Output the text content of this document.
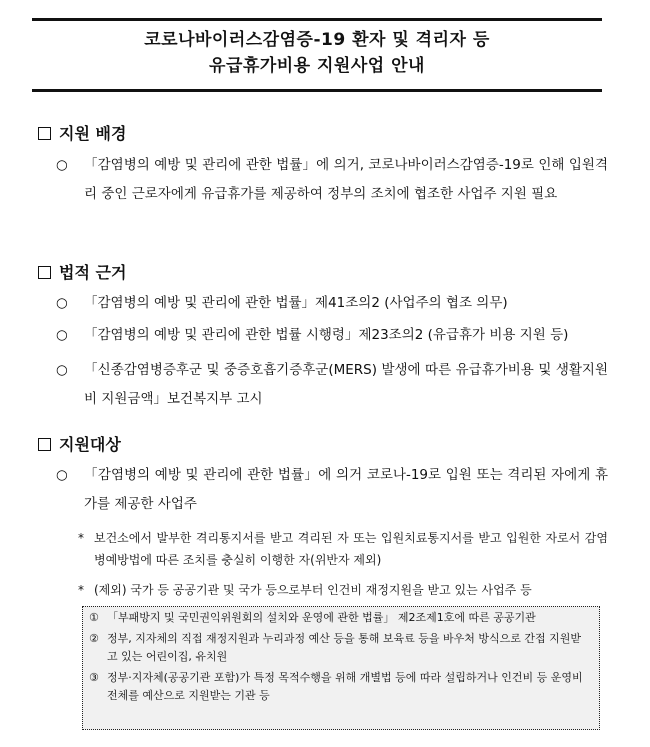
코로나바이러스감염증-19 환자 및 격리자 등
유급휴가비용 지원사업 안내
지원 배경
○	「감염병의 예방 및 관리에 관한 법률」에 의거, 코로나바이러스감염증-19로 인해 입원격리 중인 근로자에게 유급휴가를 제공하여 정부의 조치에 협조한 사업주 지원 필요
법적 근거
○	「감염병의 예방 및 관리에 관한 법률」제41조의2 (사업주의 협조 의무)
○	「감염병의 예방 및 관리에 관한 법률 시행령」제23조의2 (유급휴가 비용 지원 등)
○	「신종감염병증후군 및 중증호흡기증후군(MERS) 발생에 따른 유급휴가비용 및 생활지원비 지원금액」보건복지부 고시
지원대상
○	「감염병의 예방 및 관리에 관한 법률」에 의거 코로나-19로 입원 또는 격리된 자에게 휴가를 제공한 사업주
* 보건소에서 발부한 격리통지서를 받고 격리된 자 또는 입원치료통지서를 받고 입원한 자로서 감염병예방법에 따른 조치를 충실히 이행한 자(위반자 제외)
* (제외) 국가 등 공공기관 및 국가 등으로부터 인건비 재정지원을 받고 있는 사업주 등
① 「부패방지 및 국민권익위원회의 설치와 운영에 관한 법률」 제2조제1호에 따른 공공기관
② 정부, 지자체의 직접 재정지원과 누리과정 예산 등을 통해 보육료 등을 바우처 방식으로 간접 지원받고 있는 어린이집, 유치원
③ 정부·지자체(공공기관 포함)가 특정 목적수행을 위해 개별법 등에 따라 설립하거나 인건비 등 운영비 전체를 예산으로 지원받는 기관 등
